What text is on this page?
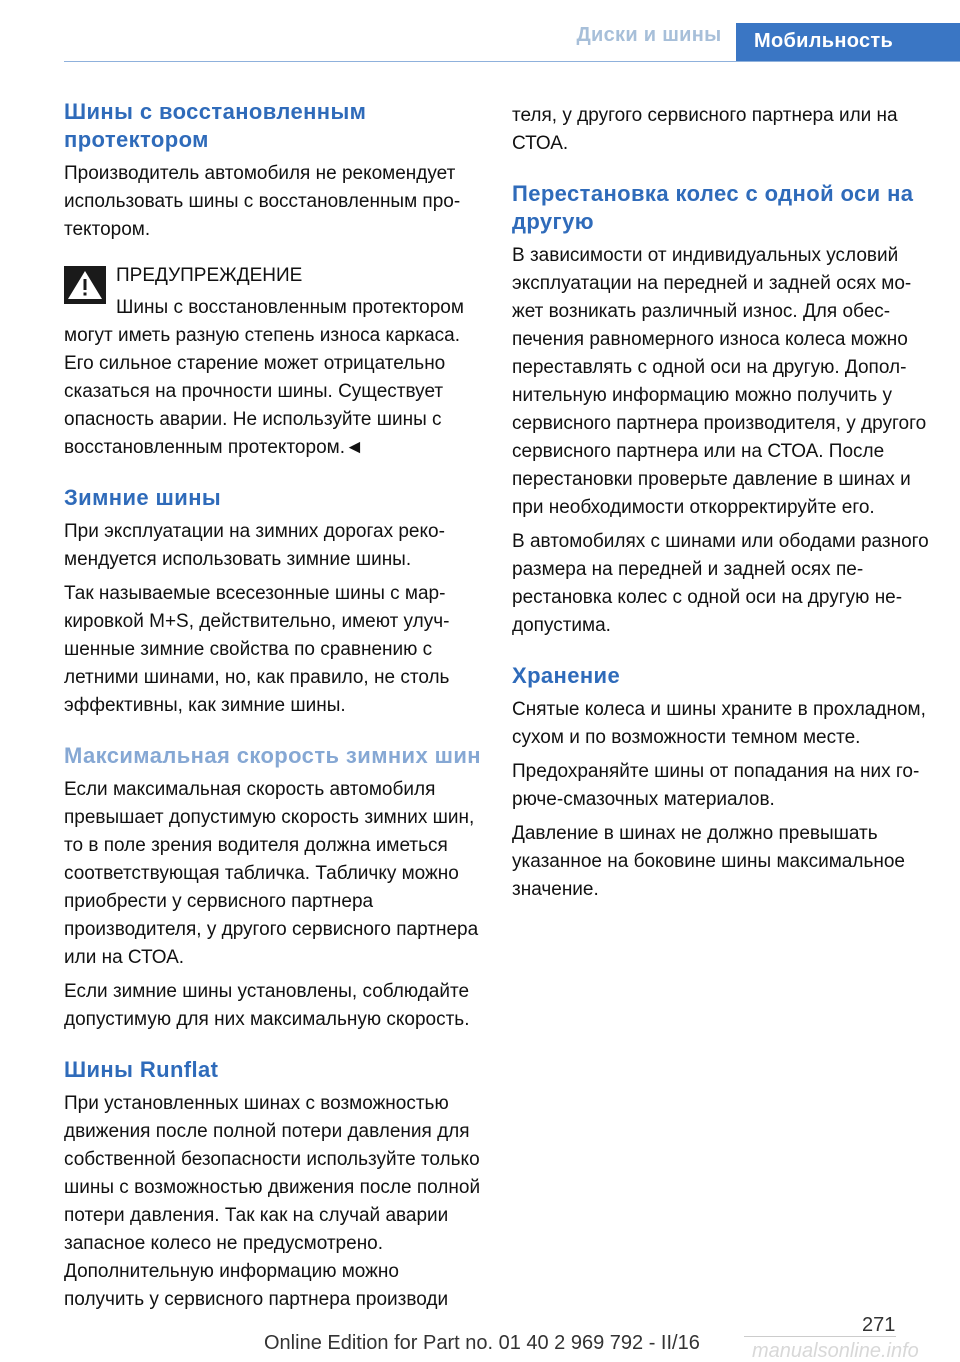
Диски и шины	Мобильность
Шины с восстановленным протектором

Производитель автомобиля не рекомендует использовать шины с восстановленным протектором.

ПРЕДУПРЕЖДЕНИЕ

Шины с восстановленным протектором

могут иметь разную степень износа каркаса. Его сильное старение может отрицательно сказаться на прочности шины. Существует опасность аварии. Не используйте шины с восстановленным протектором.◄

Зимние шины

При эксплуатации на зимних дорогах рекомендуется использовать зимние шины.

Так называемые всесезонные шины с маркировкой M+S, действительно, имеют улучшенные зимние свойства по сравнению с летними шинами, но, как правило, не столь эффективны, как зимние шины.

Максимальная скорость зимних шин

Если максимальная скорость автомобиля превышает допустимую скорость зимних шин, то в поле зрения водителя должна иметься соответствующая табличка. Табличку можно приобрести у сервисного партнера производителя, у другого сервисного партнера или на СТОА.

Если зимние шины установлены, соблюдайте допустимую для них максимальную скорость.

Шины Runflat

При установленных шинах с возможностью движения после полной потери давления для собственной безопасности используйте только шины с возможностью движения после полной потери давления. Так как на случай аварии запасное колесо не предусмотрено. Дополнительную информацию можно получить у сервисного партнера производи

теля, у другого сервисного партнера или на СТОА.

Перестановка колес с одной оси на другую

В зависимости от индивидуальных условий эксплуатации на передней и задней осях может возникать различный износ. Для обеспечения равномерного износа колеса можно переставлять с одной оси на другую. Дополнительную информацию можно получить у сервисного партнера производителя, у другого сервисного партнера или на СТОА. После перестановки проверьте давление в шинах и при необходимости откорректируйте его.

В автомобилях с шинами или ободами разного размера на передней и задней осях перестановка колес с одной оси на другую недопустима.

Хранение

Снятые колеса и шины храните в прохладном, сухом и по возможности темном месте.

Предохраняйте шины от попадания на них горюче-смазочных материалов.

Давление в шинах не должно превышать указанное на боковине шины максимальное значение.

271
Online Edition for Part no. 01 40 2 969 792 - II/16	manualsonline.info
